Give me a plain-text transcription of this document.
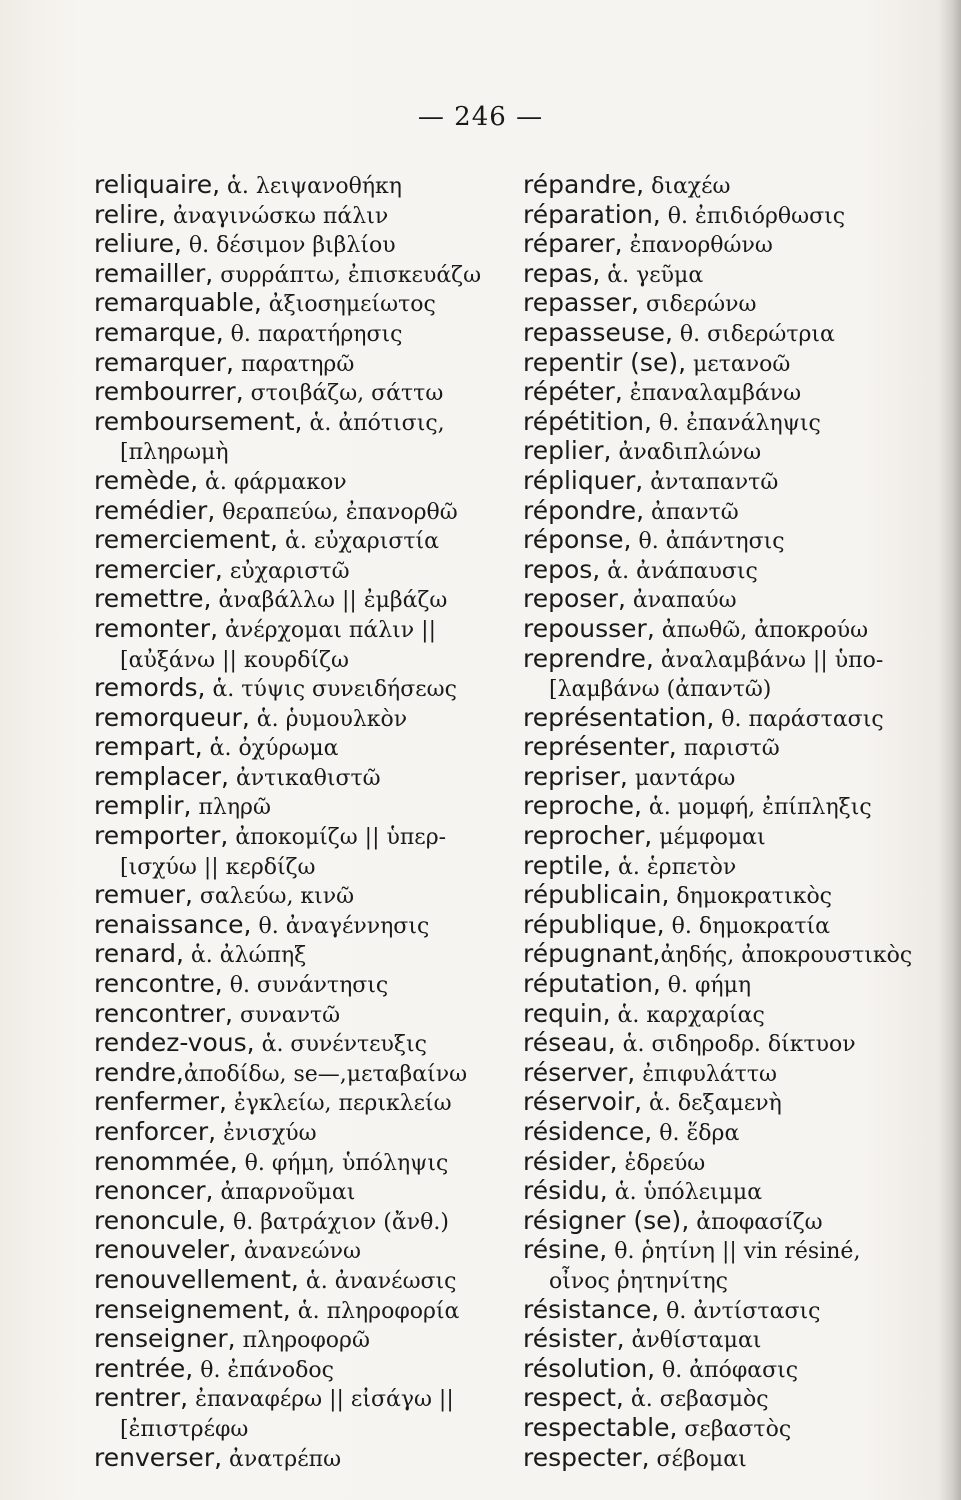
— 246 —
reliquaire, ἁ. λειψανοθήκη
relire, ἀναγινώσκω πάλιν
reliure, θ. δέσιμον βιβλίου
remailler, συρράπτω, ἐπισκευάζω
remarquable, ἀξιοσημείωτος
remarque, θ. παρατήρησις
remarquer, παρατηρῶ
rembourrer, στοιβάζω, σάττω
remboursement, ἁ. ἀπότισις,
[πληρωμὴ
remède, ἁ. φάρμακον
remédier, θεραπεύω, ἐπανορθῶ
remerciement, ἁ. εὐχαριστία
remercier, εὐχαριστῶ
remettre, ἀναβάλλω || ἐμβάζω
remonter, ἀνέρχομαι πάλιν ||
[αὐξάνω || κουρδίζω
remords, ἁ. τύψις συνειδήσεως
remorqueur, ἁ. ῥυμουλκὸν
rempart, ἁ. ὀχύρωμα
remplacer, ἀντικαθιστῶ
remplir, πληρῶ
remporter, ἀποκομίζω || ὑπερ-
[ισχύω || κερδίζω
remuer, σαλεύω, κινῶ
renaissance, θ. ἀναγέννησις
renard, ἁ. ἀλώπηξ
rencontre, θ. συνάντησις
rencontrer, συναντῶ
rendez-vous, ἁ. συνέντευξις
rendre,ἀποδίδω, se—,μεταβαίνω
renfermer, ἐγκλείω, περικλείω
renforcer, ἐνισχύω
renommée, θ. φήμη, ὑπόληψις
renoncer, ἀπαρνοῦμαι
renoncule, θ. βατράχιον (ἄνθ.)
renouveler, ἀνανεώνω
renouvellement, ἁ. ἀνανέωσις
renseignement, ἁ. πληροφορία
renseigner, πληροφορῶ
rentrée, θ. ἐπάνοδος
rentrer, ἐπαναφέρω || εἰσάγω ||
[ἐπιστρέφω
renverser, ἀνατρέπω
répandre, διαχέω
réparation, θ. ἐπιδιόρθωσις
réparer, ἐπανορθώνω
repas, ἁ. γεῦμα
repasser, σιδερώνω
repasseuse, θ. σιδερώτρια
repentir (se), μετανοῶ
répéter, ἐπαναλαμβάνω
répétition, θ. ἐπανάληψις
replier, ἀναδιπλώνω
répliquer, ἀνταπαντῶ
répondre, ἀπαντῶ
réponse, θ. ἀπάντησις
repos, ἁ. ἀνάπαυσις
reposer, ἀναπαύω
repousser, ἀπωθῶ, ἀποκρούω
reprendre, ἀναλαμβάνω || ὑπο-
[λαμβάνω (ἀπαντῶ)
représentation, θ. παράστασις
représenter, παριστῶ
repriser, μαντάρω
reproche, ἁ. μομφή, ἐπίπληξις
reprocher, μέμφομαι
reptile, ἁ. ἑρπετὸν
républicain, δημοκρατικὸς
république, θ. δημοκρατία
répugnant,ἀηδής, ἀποκρουστικὸς
réputation, θ. φήμη
requin, ἁ. καρχαρίας
réseau, ἁ. σιδηροδρ. δίκτυον
réserver, ἐπιφυλάττω
réservoir, ἁ. δεξαμενὴ
résidence, θ. ἕδρα
résider, ἑδρεύω
résidu, ἁ. ὑπόλειμμα
résigner (se), ἀποφασίζω
résine, θ. ῥητίνη || vin résiné,
οἶνος ῥητηνίτης
résistance, θ. ἀντίστασις
résister, ἀνθίσταμαι
résolution, θ. ἀπόφασις
respect, ἁ. σεβασμὸς
respectable, σεβαστὸς
respecter, σέβομαι
